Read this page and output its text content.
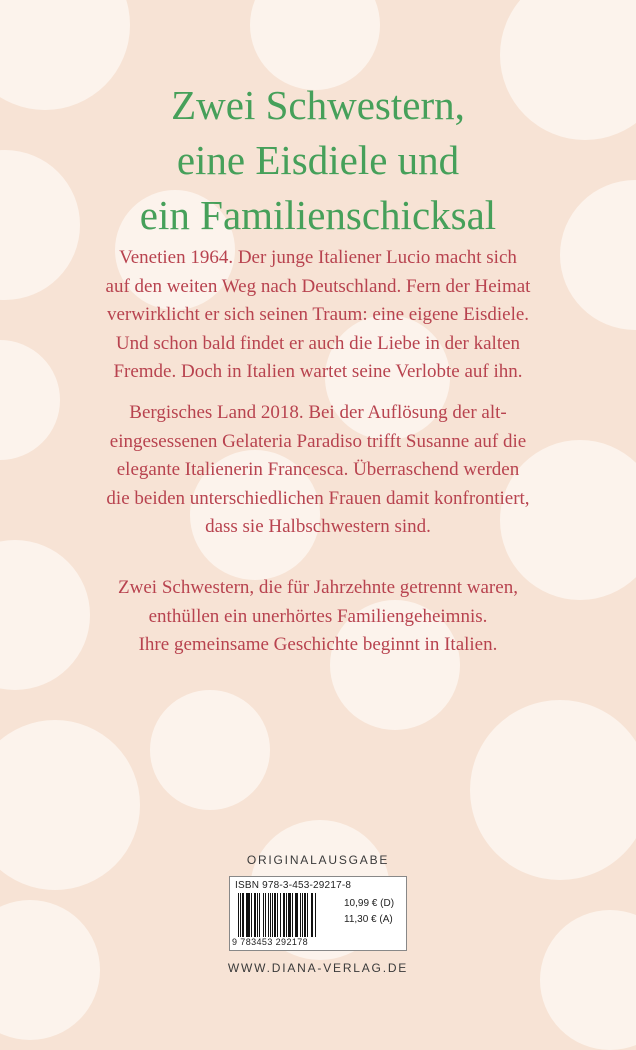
Zwei Schwestern,
eine Eisdiele und
ein Familienschicksal
Venetien 1964. Der junge Italiener Lucio macht sich
auf den weiten Weg nach Deutschland. Fern der Heimat
verwirklicht er sich seinen Traum: eine eigene Eisdiele.
Und schon bald findet er auch die Liebe in der kalten
Fremde. Doch in Italien wartet seine Verlobte auf ihn.
Bergisches Land 2018. Bei der Auflösung der alt-
eingesessenen Gelateria Paradiso trifft Susanne auf die
elegante Italienerin Francesca. Überraschend werden
die beiden unterschiedlichen Frauen damit konfrontiert,
dass sie Halbschwestern sind.
Zwei Schwestern, die für Jahrzehnte getrennt waren,
enthüllen ein unerhörtes Familiengeheimnis.
Ihre gemeinsame Geschichte beginnt in Italien.
ORIGINALAUSGABE
ISBN 978-3-453-29217-8
9 783453 292178
10,99 € (D)
11,30 € (A)
WWW.DIANA-VERLAG.DE
